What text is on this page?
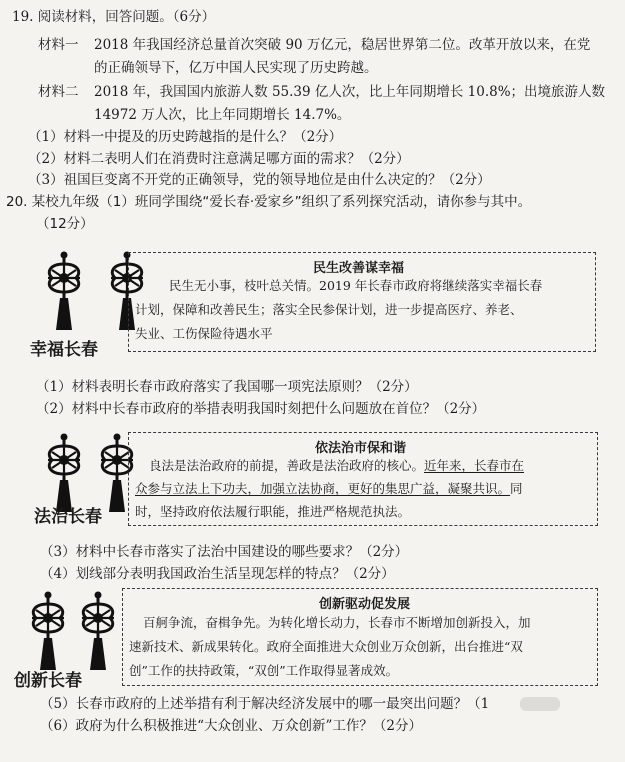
19. 阅读材料，回答问题。（6分）
材料一 2018 年我国经济总量首次突破 90 万亿元，稳居世界第二位。改革开放以来，在党
的正确领导下，亿万中国人民实现了历史跨越。
材料二 2018 年，我国国内旅游人数 55.39 亿人次，比上年同期增长 10.8%；出境旅游人数
14972 万人次，比上年同期增长 14.7%。
（1）材料一中提及的历史跨越指的是什么？（2分）
（2）材料二表明人们在消费时注意满足哪方面的需求？（2分）
（3）祖国巨变离不开党的正确领导，党的领导地位是由什么决定的？（2分）
20. 某校九年级（1）班同学围绕“爱长春·爱家乡”组织了系列探究活动，请你参与其中。
（12分）
幸福长春
民生改善谋幸福
民生无小事，枝叶总关情。2019 年长春市政府将继续落实幸福长春
计划，保障和改善民生；落实全民参保计划，进一步提高医疗、养老、
失业、工伤保险待遇水平
（1）材料表明长春市政府落实了我国哪一项宪法原则？（2分）
（2）材料中长春市政府的举措表明我国时刻把什么问题放在首位？（2分）
法治长春
依法治市保和谐
良法是法治政府的前提，善政是法治政府的核心。近年来，长春市在
众参与立法上下功夫，加强立法协商，更好的集思广益，凝聚共识。同
时，坚持政府依法履行职能，推进严格规范执法。
（3）材料中长春市落实了法治中国建设的哪些要求？（2分）
（4）划线部分表明我国政治生活呈现怎样的特点？（2分）
创新长春
创新驱动促发展
百舸争流，奋楫争先。为转化增长动力，长春市不断增加创新投入，加
速新技术、新成果转化。政府全面推进大众创业万众创新，出台推进“双
创”工作的扶持政策，“双创”工作取得显著成效。
（5）长春市政府的上述举措有利于解决经济发展中的哪一最突出问题？（1
（6）政府为什么积极推进“大众创业、万众创新”工作？（2分）
